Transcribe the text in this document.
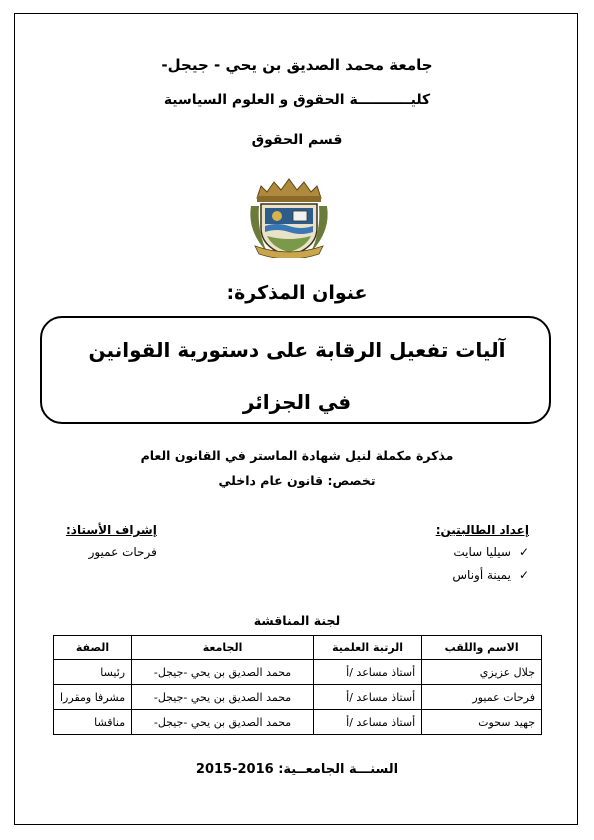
جامعة محمد الصديق بن يحي - جيجل-
كليـــــــــــة الحقوق و العلوم السياسية
قسم الحقوق
عنوان المذكرة:
آليات تفعيل الرقابة على دستورية القوانين
في الجزائر
مذكرة مكملة لنيل شهادة الماستر في القانون العام
تخصص: قانون عام داخلي
إعداد الطالبتين:
✓سيليا سايت
✓يمينة أوناس
إشراف الأستاذ:
فرحات عميور
لجنة المناقشة
الاسم واللقب	الرتبة العلمية	الجامعة	الصفة
جلال عزيزي	أستاذ مساعد /أ	محمد الصديق بن يحي -جيجل-	رئيسا
فرحات عميور	أستاذ مساعد /أ	محمد الصديق بن يحي -جيجل-	مشرفا ومقررا
جهيد سحوت	أستاذ مساعد /أ	محمد الصديق بن يحي -جيجل-	مناقشا
السنـــة الجامعــية: 2016-2015
